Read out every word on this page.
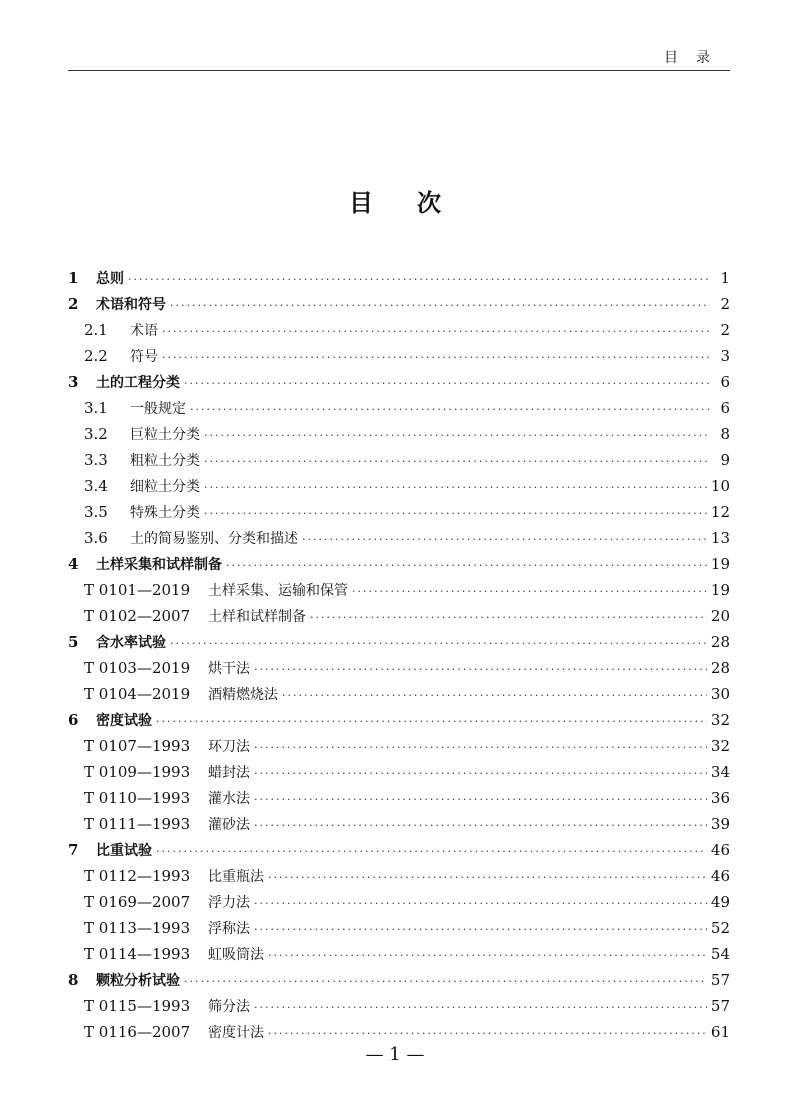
目录
目次
1	总则 ·····	1
2	术语和符号 ·····	2
2.1	术语 ·····	2
2.2	符号 ·····	3
3	土的工程分类 ·····	6
3.1	一般规定 ·····	6
3.2	巨粒土分类 ·····	8
3.3	粗粒土分类 ·····	9
3.4	细粒土分类 ·····	10
3.5	特殊土分类 ·····	12
3.6	土的简易鉴别、分类和描述 ·····	13
4	土样采集和试样制备 ·····	19
T 0101—2019	土样采集、运输和保管 ·····	19
T 0102—2007	土样和试样制备 ·····	20
5	含水率试验 ·····	28
T 0103—2019	烘干法 ·····	28
T 0104—2019	酒精燃烧法 ·····	30
6	密度试验 ·····	32
T 0107—1993	环刀法 ·····	32
T 0109—1993	蜡封法 ·····	34
T 0110—1993	灌水法 ·····	36
T 0111—1993	灌砂法 ·····	39
7	比重试验 ·····	46
T 0112—1993	比重瓶法 ·····	46
T 0169—2007	浮力法 ·····	49
T 0113—1993	浮称法 ·····	52
T 0114—1993	虹吸筒法 ·····	54
8	颗粒分析试验 ·····	57
T 0115—1993	筛分法 ·····	57
T 0116—2007	密度计法 ·····	61
— 1 —
